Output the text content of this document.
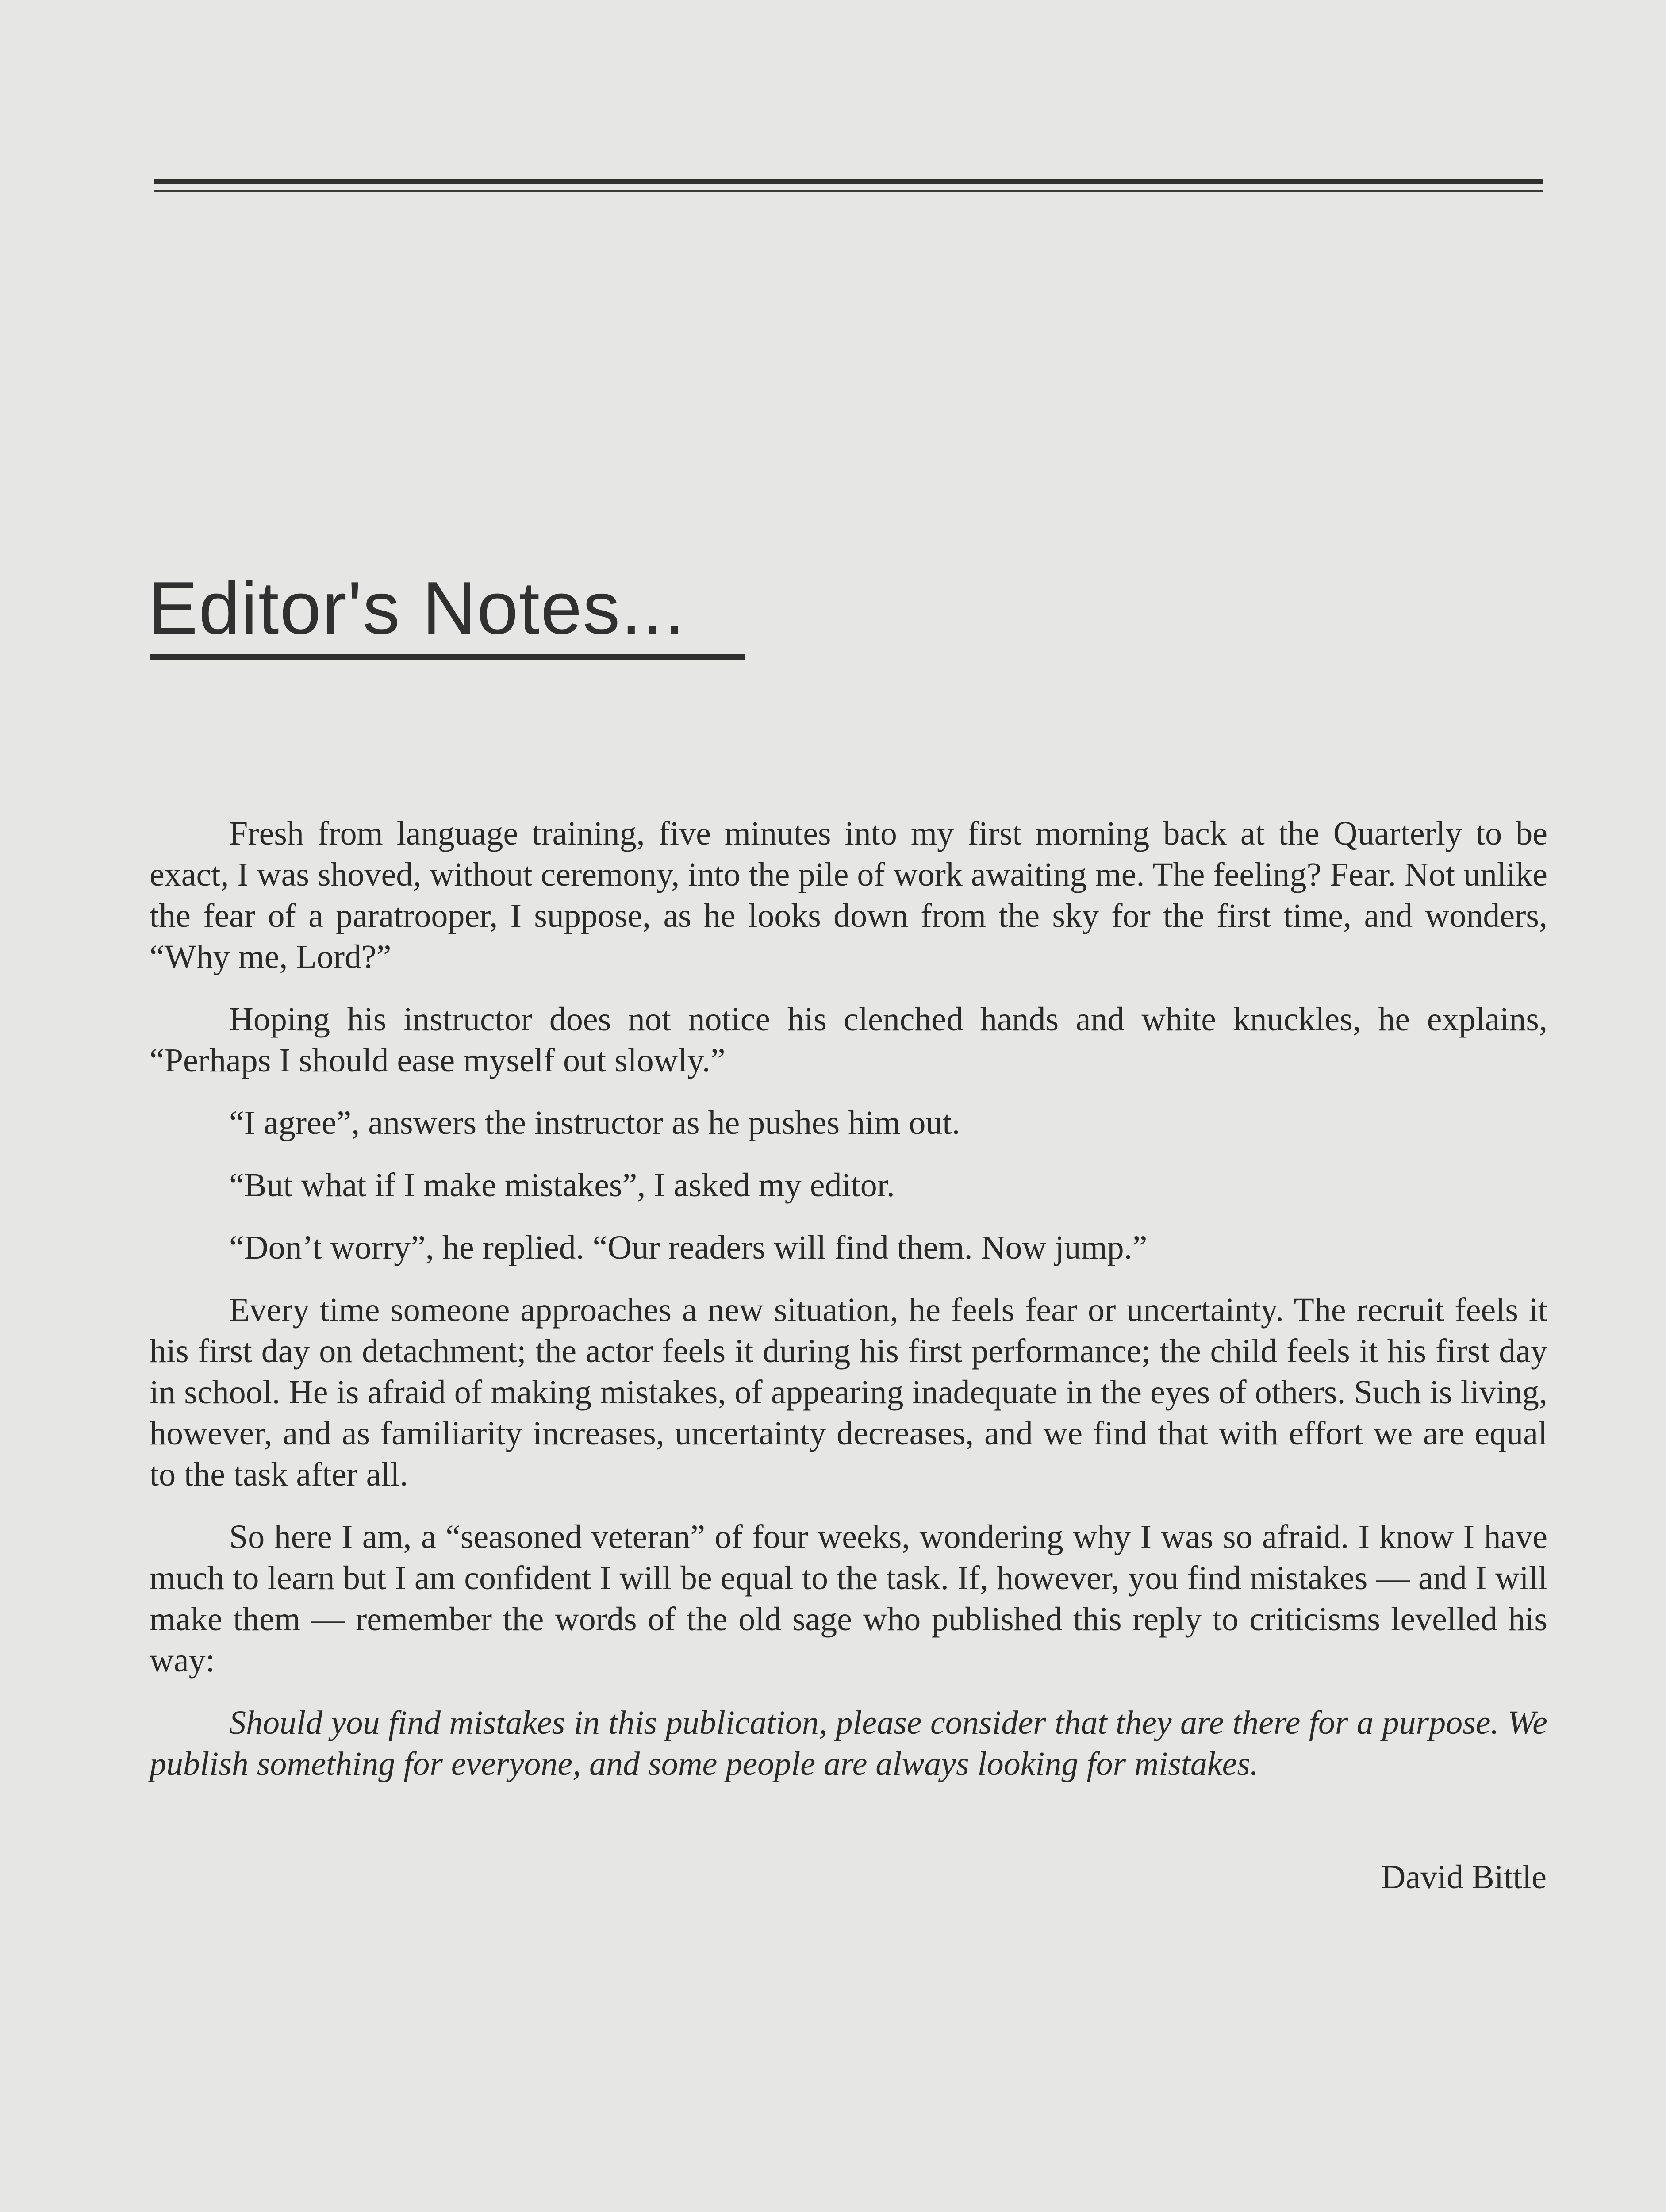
Editor's Notes...

Fresh from language training, five minutes into my first morning back at the Quarterly to be exact, I was shoved, without ceremony, into the pile of work awaiting me. The feeling? Fear. Not unlike the fear of a paratrooper, I suppose, as he looks down from the sky for the first time, and wonders, “Why me, Lord?”

Hoping his instructor does not notice his clenched hands and white knuckles, he explains, “Perhaps I should ease myself out slowly.”

“I agree”, answers the instructor as he pushes him out.

“But what if I make mistakes”, I asked my editor.

“Don’t worry”, he replied. “Our readers will find them. Now jump.”

Every time someone approaches a new situation, he feels fear or uncertainty. The recruit feels it his first day on detachment; the actor feels it during his first performance; the child feels it his first day in school. He is afraid of making mistakes, of appearing inadequate in the eyes of others. Such is living, however, and as familiarity increases, uncertainty decreases, and we find that with effort we are equal to the task after all.

So here I am, a “seasoned veteran” of four weeks, wondering why I was so afraid. I know I have much to learn but I am confident I will be equal to the task. If, however, you find mistakes — and I will make them — remember the words of the old sage who published this reply to criticisms levelled his way:

Should you find mistakes in this publication, please consider that they are there for a purpose. We publish something for everyone, and some people are always looking for mistakes.

David Bittle
